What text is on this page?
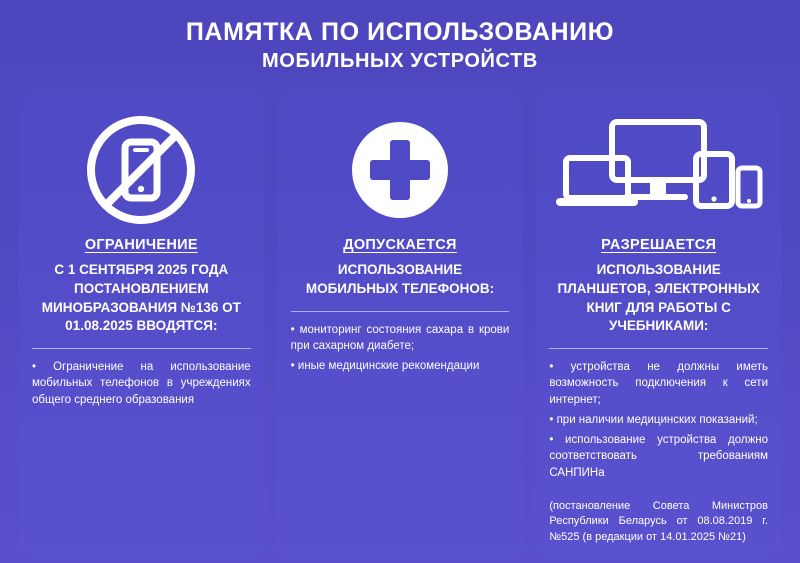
ПАМЯТКА ПО ИСПОЛЬЗОВАНИЮ
МОБИЛЬНЫХ УСТРОЙСТВ
ОГРАНИЧЕНИЕ
С 1 СЕНТЯБРЯ 2025 ГОДА ПОСТАНОВЛЕНИЕМ МИНОБРАЗОВАНИЯ №136 ОТ 01.08.2025 ВВОДЯТСЯ:

• Ограничение на использование мобильных телефонов в учреждениях общего среднего образования

ДОПУСКАЕТСЯ
ИСПОЛЬЗОВАНИЕ МОБИЛЬНЫХ ТЕЛЕФОНОВ:

• мониторинг состояния сахара в крови при сахарном диабете;

• иные медицинские рекомендации

РАЗРЕШАЕТСЯ
ИСПОЛЬЗОВАНИЕ ПЛАНШЕТОВ, ЭЛЕКТРОННЫХ КНИГ ДЛЯ РАБОТЫ С УЧЕБНИКАМИ:

• устройства не должны иметь возможность подключения к сети интернет;

• при наличии медицинских показаний;

• использование устройства должно соответствовать требованиям САНПИНа

(постановление Совета Министров Республики Беларусь от 08.08.2019 г. №525 (в редакции от 14.01.2025 №21)
